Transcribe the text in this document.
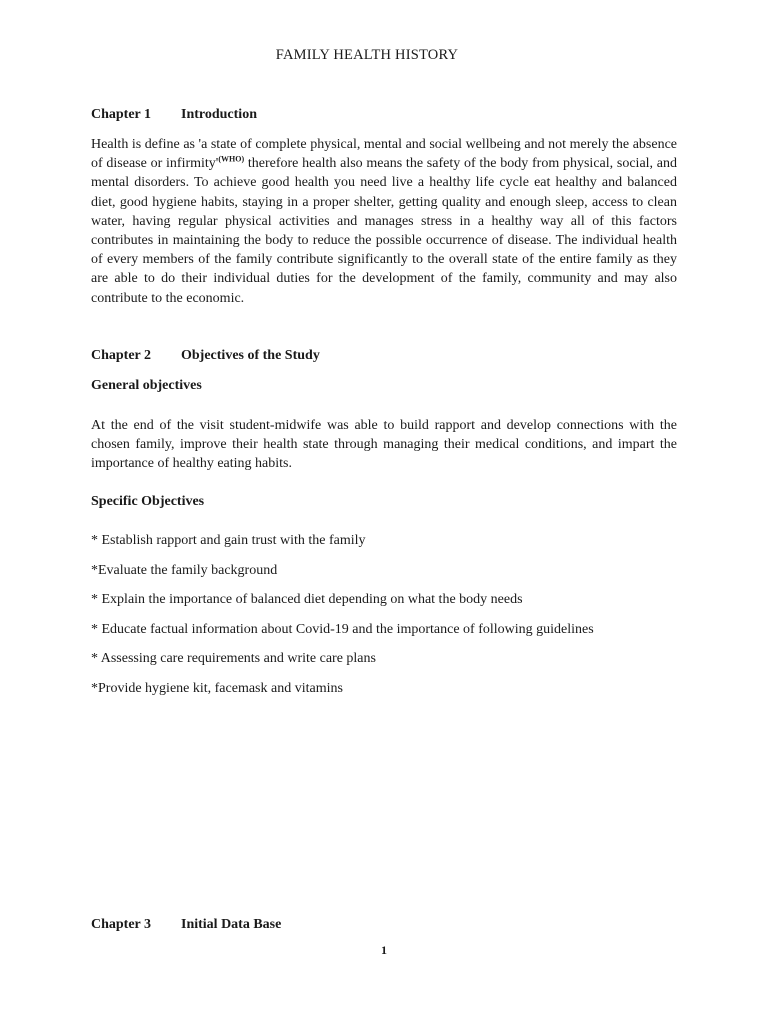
FAMILY HEALTH HISTORY
Chapter 1 Introduction
Health is define as 'a state of complete physical, mental and social wellbeing and not merely the absence of disease or $infirmity'^{(WHO)}$ therefore health also means the safety of the body from physical, social, and mental disorders. To achieve good health you need live a healthy life cycle eat healthy and balanced diet, good hygiene habits, staying in a proper shelter, getting quality and enough sleep, access to clean water, having regular physical activities and manages stress in a healthy way all of this factors contributes in maintaining the body to reduce the possible occurrence of disease. The individual health of every members of the family contribute significantly to the overall state of the entire family as they are able to do their individual duties for the development of the family, community and may also contribute to the economic.
Chapter 2 Objectives of the Study
General objectives
At the end of the visit student-midwife was able to build rapport and develop connections with the chosen family, improve their health state through managing their medical conditions, and impart the importance of healthy eating habits.
Specific Objectives
* Establish rapport and gain trust with the family
*Evaluate the family background
* Explain the importance of balanced diet depending on what the body needs
* Educate factual information about Covid-19 and the importance of following guidelines
* Assessing care requirements and write care plans
*Provide hygiene kit, facemask and vitamins
Chapter 3 Initial Data Base
1
